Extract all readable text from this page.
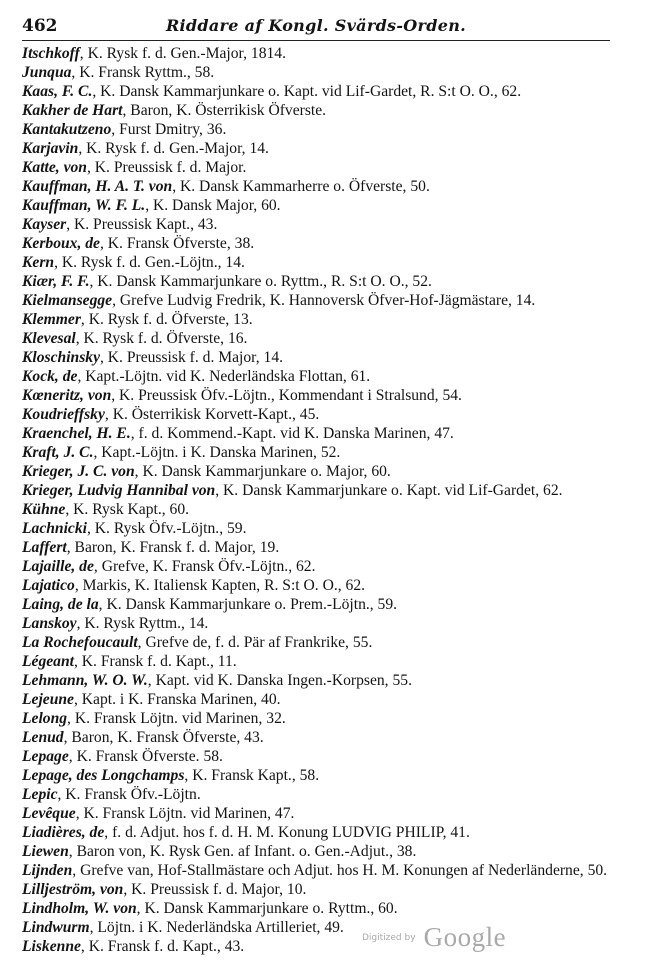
462	Riddare af Kongl. Svärds-Orden.
Itschkoff, K. Rysk f. d. Gen.-Major, 1814.
Junqua, K. Fransk Ryttm., 58.
Kaas, F. C., K. Dansk Kammarjunkare o. Kapt. vid Lif-Gardet, R. S:t O. O., 62.
Kakher de Hart, Baron, K. Österrikisk Öfverste.
Kantakutzeno, Furst Dmitry, 36.
Karjavin, K. Rysk f. d. Gen.-Major, 14.
Katte, von, K. Preussisk f. d. Major.
Kauffman, H. A. T. von, K. Dansk Kammarherre o. Öfverste, 50.
Kauffman, W. F. L., K. Dansk Major, 60.
Kayser, K. Preussisk Kapt., 43.
Kerboux, de, K. Fransk Öfverste, 38.
Kern, K. Rysk f. d. Gen.-Löjtn., 14.
Kiær, F. F., K. Dansk Kammarjunkare o. Ryttm., R. S:t O. O., 52.
Kielmansegge, Grefve Ludvig Fredrik, K. Hannoversk Öfver-Hof-Jägmästare, 14.
Klemmer, K. Rysk f. d. Öfverste, 13.
Klevesal, K. Rysk f. d. Öfverste, 16.
Kloschinsky, K. Preussisk f. d. Major, 14.
Kock, de, Kapt.-Löjtn. vid K. Nederländska Flottan, 61.
Kœneritz, von, K. Preussisk Öfv.-Löjtn., Kommendant i Stralsund, 54.
Koudrieffsky, K. Österrikisk Korvett-Kapt., 45.
Kraenchel, H. E., f. d. Kommend.-Kapt. vid K. Danska Marinen, 47.
Kraft, J. C., Kapt.-Löjtn. i K. Danska Marinen, 52.
Krieger, J. C. von, K. Dansk Kammarjunkare o. Major, 60.
Krieger, Ludvig Hannibal von, K. Dansk Kammarjunkare o. Kapt. vid Lif-Gardet, 62.
Kühne, K. Rysk Kapt., 60.
Lachnicki, K. Rysk Öfv.-Löjtn., 59.
Laffert, Baron, K. Fransk f. d. Major, 19.
Lajaille, de, Grefve, K. Fransk Öfv.-Löjtn., 62.
Lajatico, Markis, K. Italiensk Kapten, R. S:t O. O., 62.
Laing, de la, K. Dansk Kammarjunkare o. Prem.-Löjtn., 59.
Lanskoy, K. Rysk Ryttm., 14.
La Rochefoucault, Grefve de, f. d. Pär af Frankrike, 55.
Légeant, K. Fransk f. d. Kapt., 11.
Lehmann, W. O. W., Kapt. vid K. Danska Ingen.-Korpsen, 55.
Lejeune, Kapt. i K. Franska Marinen, 40.
Lelong, K. Fransk Löjtn. vid Marinen, 32.
Lenud, Baron, K. Fransk Öfverste, 43.
Lepage, K. Fransk Öfverste. 58.
Lepage, des Longchamps, K. Fransk Kapt., 58.
Lepic, K. Fransk Öfv.-Löjtn.
Levêque, K. Fransk Löjtn. vid Marinen, 47.
Liadières, de, f. d. Adjut. hos f. d. H. M. Konung LUDVIG PHILIP, 41.
Liewen, Baron von, K. Rysk Gen. af Infant. o. Gen.-Adjut., 38.
Lijnden, Grefve van, Hof-Stallmästare och Adjut. hos H. M. Konungen af Nederländerne, 50.
Lilljeström, von, K. Preussisk f. d. Major, 10.
Lindholm, W. von, K. Dansk Kammarjunkare o. Ryttm., 60.
Lindwurm, Löjtn. i K. Nederländska Artilleriet, 49.
Liskenne, K. Fransk f. d. Kapt., 43.
Digitized by Google
